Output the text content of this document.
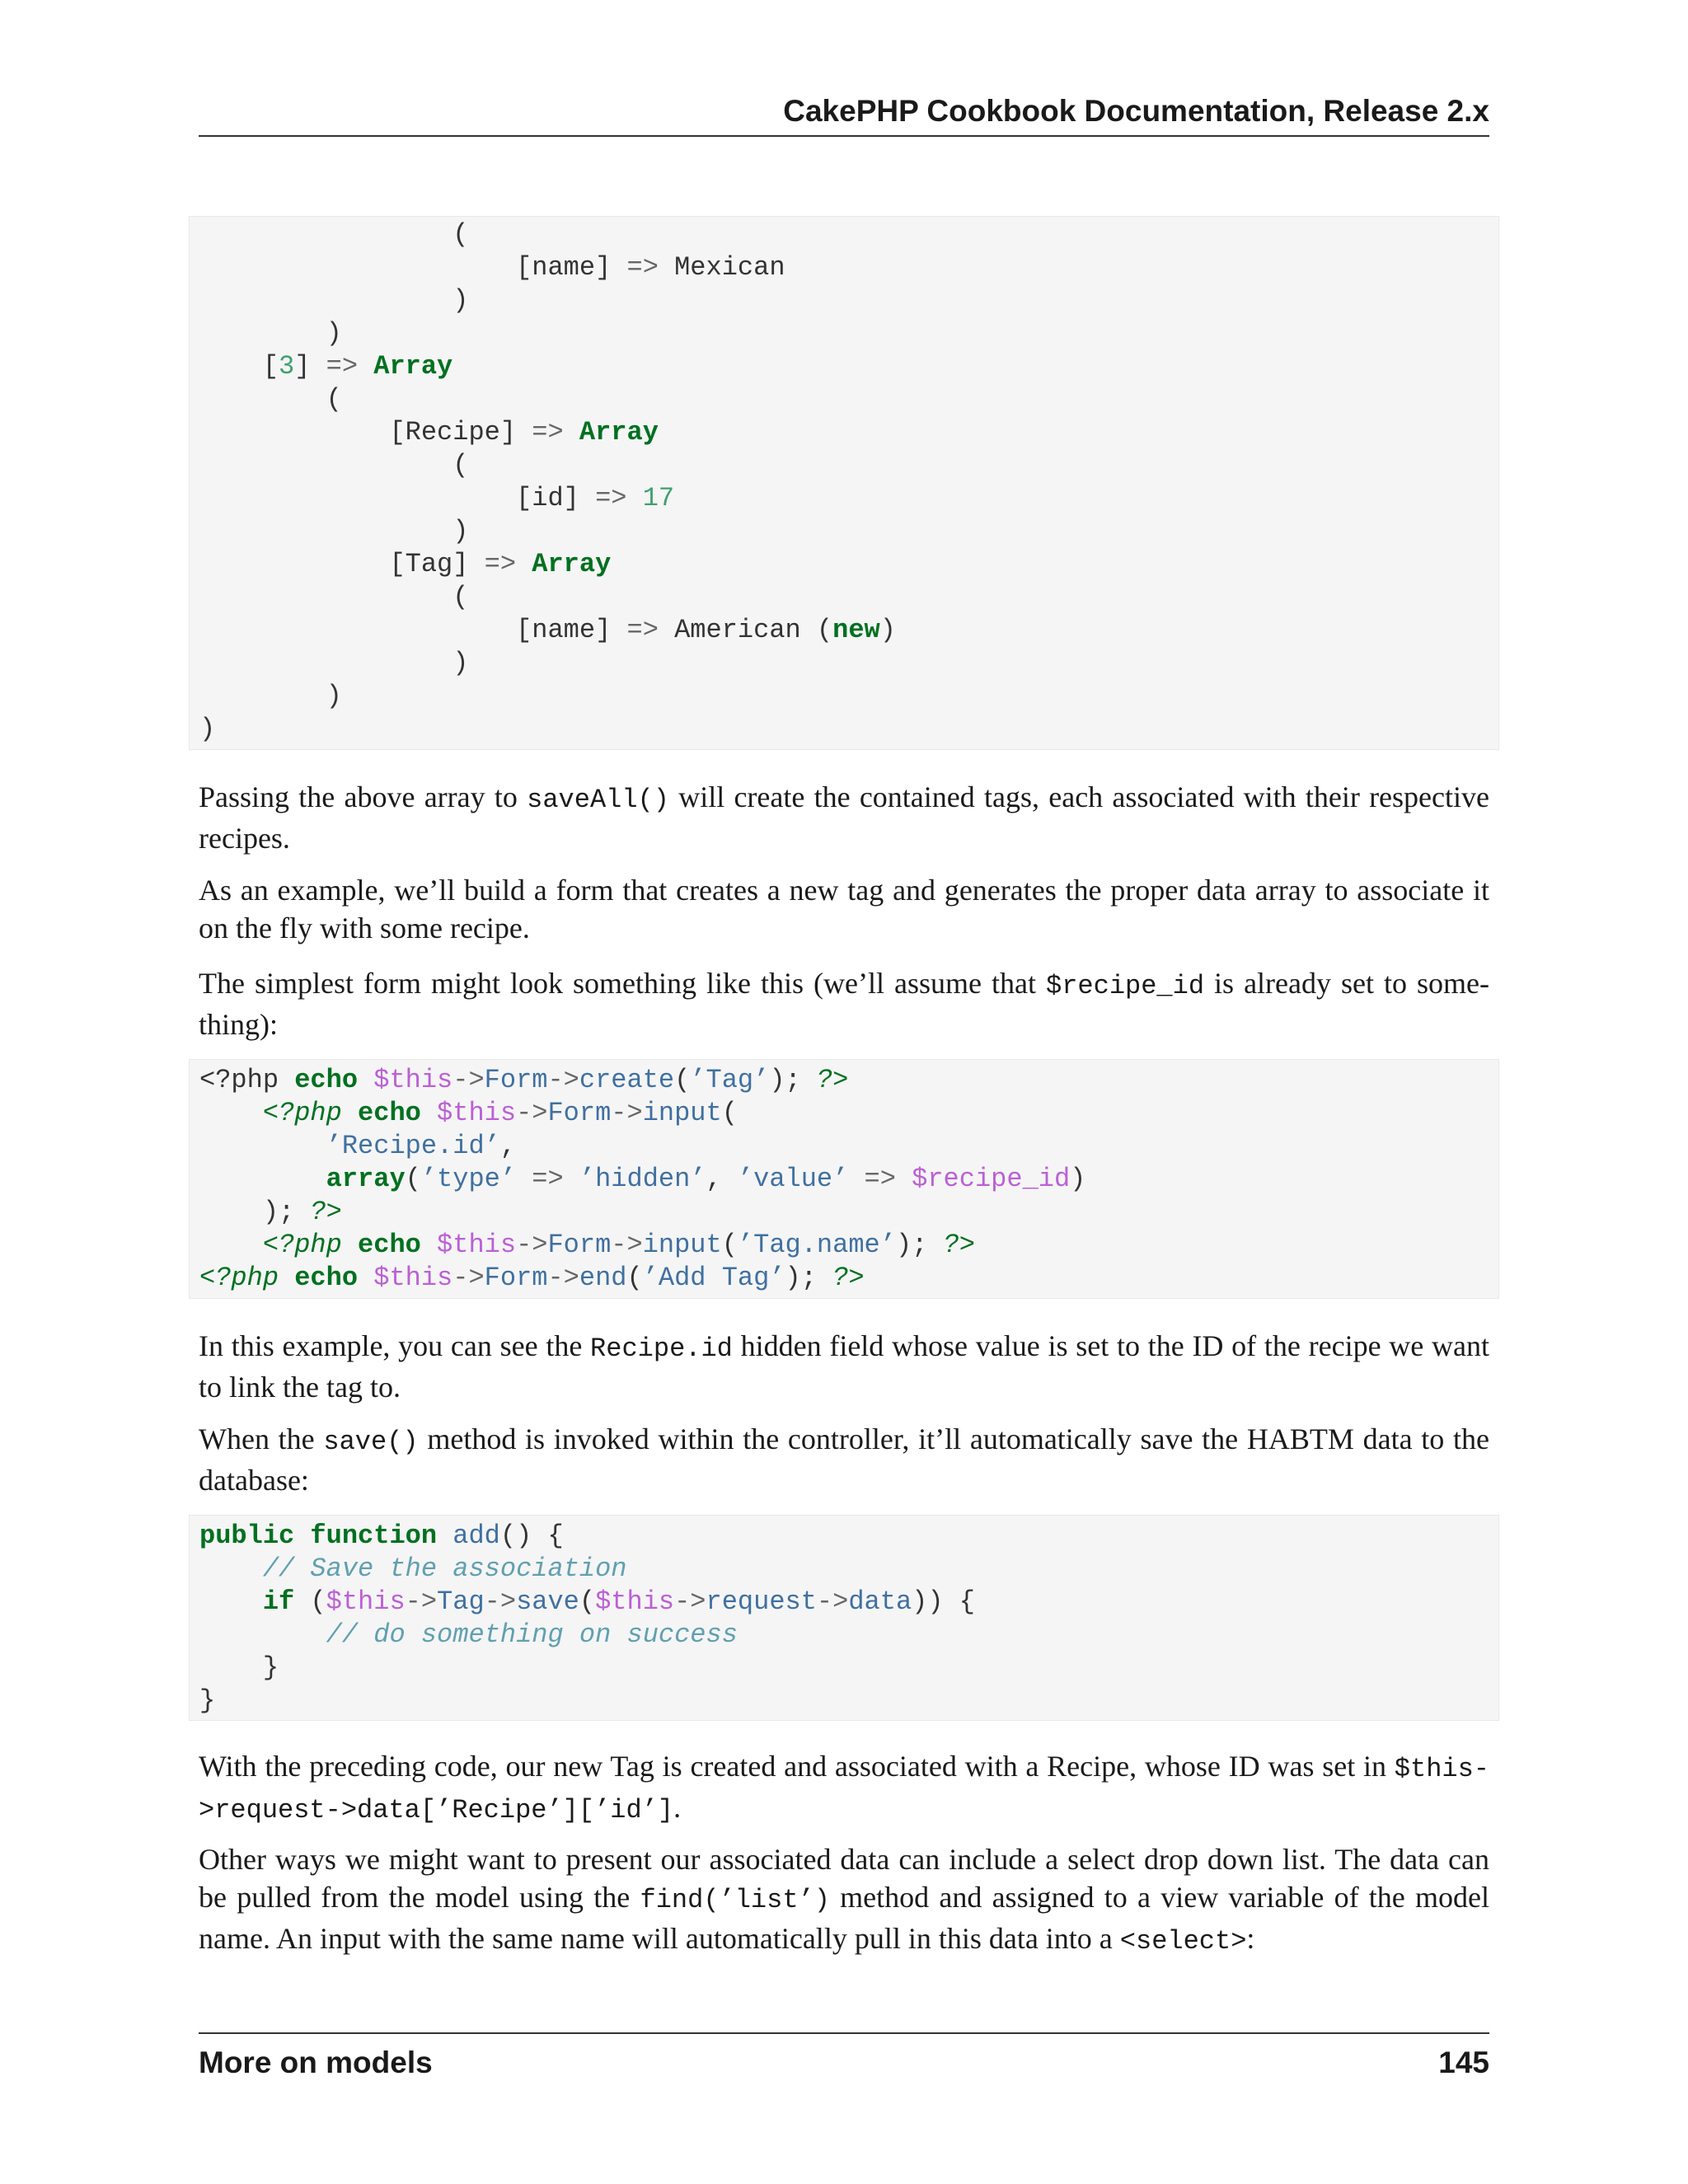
CakePHP Cookbook Documentation, Release 2.x
(
[name] => Mexican
)
)
[3] => Array
(
[Recipe] => Array
(
[id] => 17
)
[Tag] => Array
(
[name] => American (new)
)
)
)

Passing the above array to saveAll() will create the contained tags, each associated with their respective recipes.

As an example, we’ll build a form that creates a new tag and generates the proper data array to associate it on the fly with some recipe.

The simplest form might look something like this (we’ll assume that $recipe_id is already set to some-thing):

<?php echo $this->Form->create(’Tag’); ?>
<?php echo $this->Form->input(
’Recipe.id’,
array(’type’ => ’hidden’, ’value’ => $recipe_id)
); ?>
<?php echo $this->Form->input(’Tag.name’); ?>
<?php echo $this->Form->end(’Add Tag’); ?>

In this example, you can see the Recipe.id hidden field whose value is set to the ID of the recipe we want to link the tag to.

When the save() method is invoked within the controller, it’ll automatically save the HABTM data to the database:

public function add() {
// Save the association
if ($this->Tag->save($this->request->data)) {
// do something on success
}
}

With the preceding code, our new Tag is created and associated with a Recipe, whose ID was set in $this->request->data[’Recipe’][’id’].

Other ways we might want to present our associated data can include a select drop down list. The data can be pulled from the model using the find(’list’) method and assigned to a view variable of the model name. An input with the same name will automatically pull in this data into a <select>:

More on models	145
